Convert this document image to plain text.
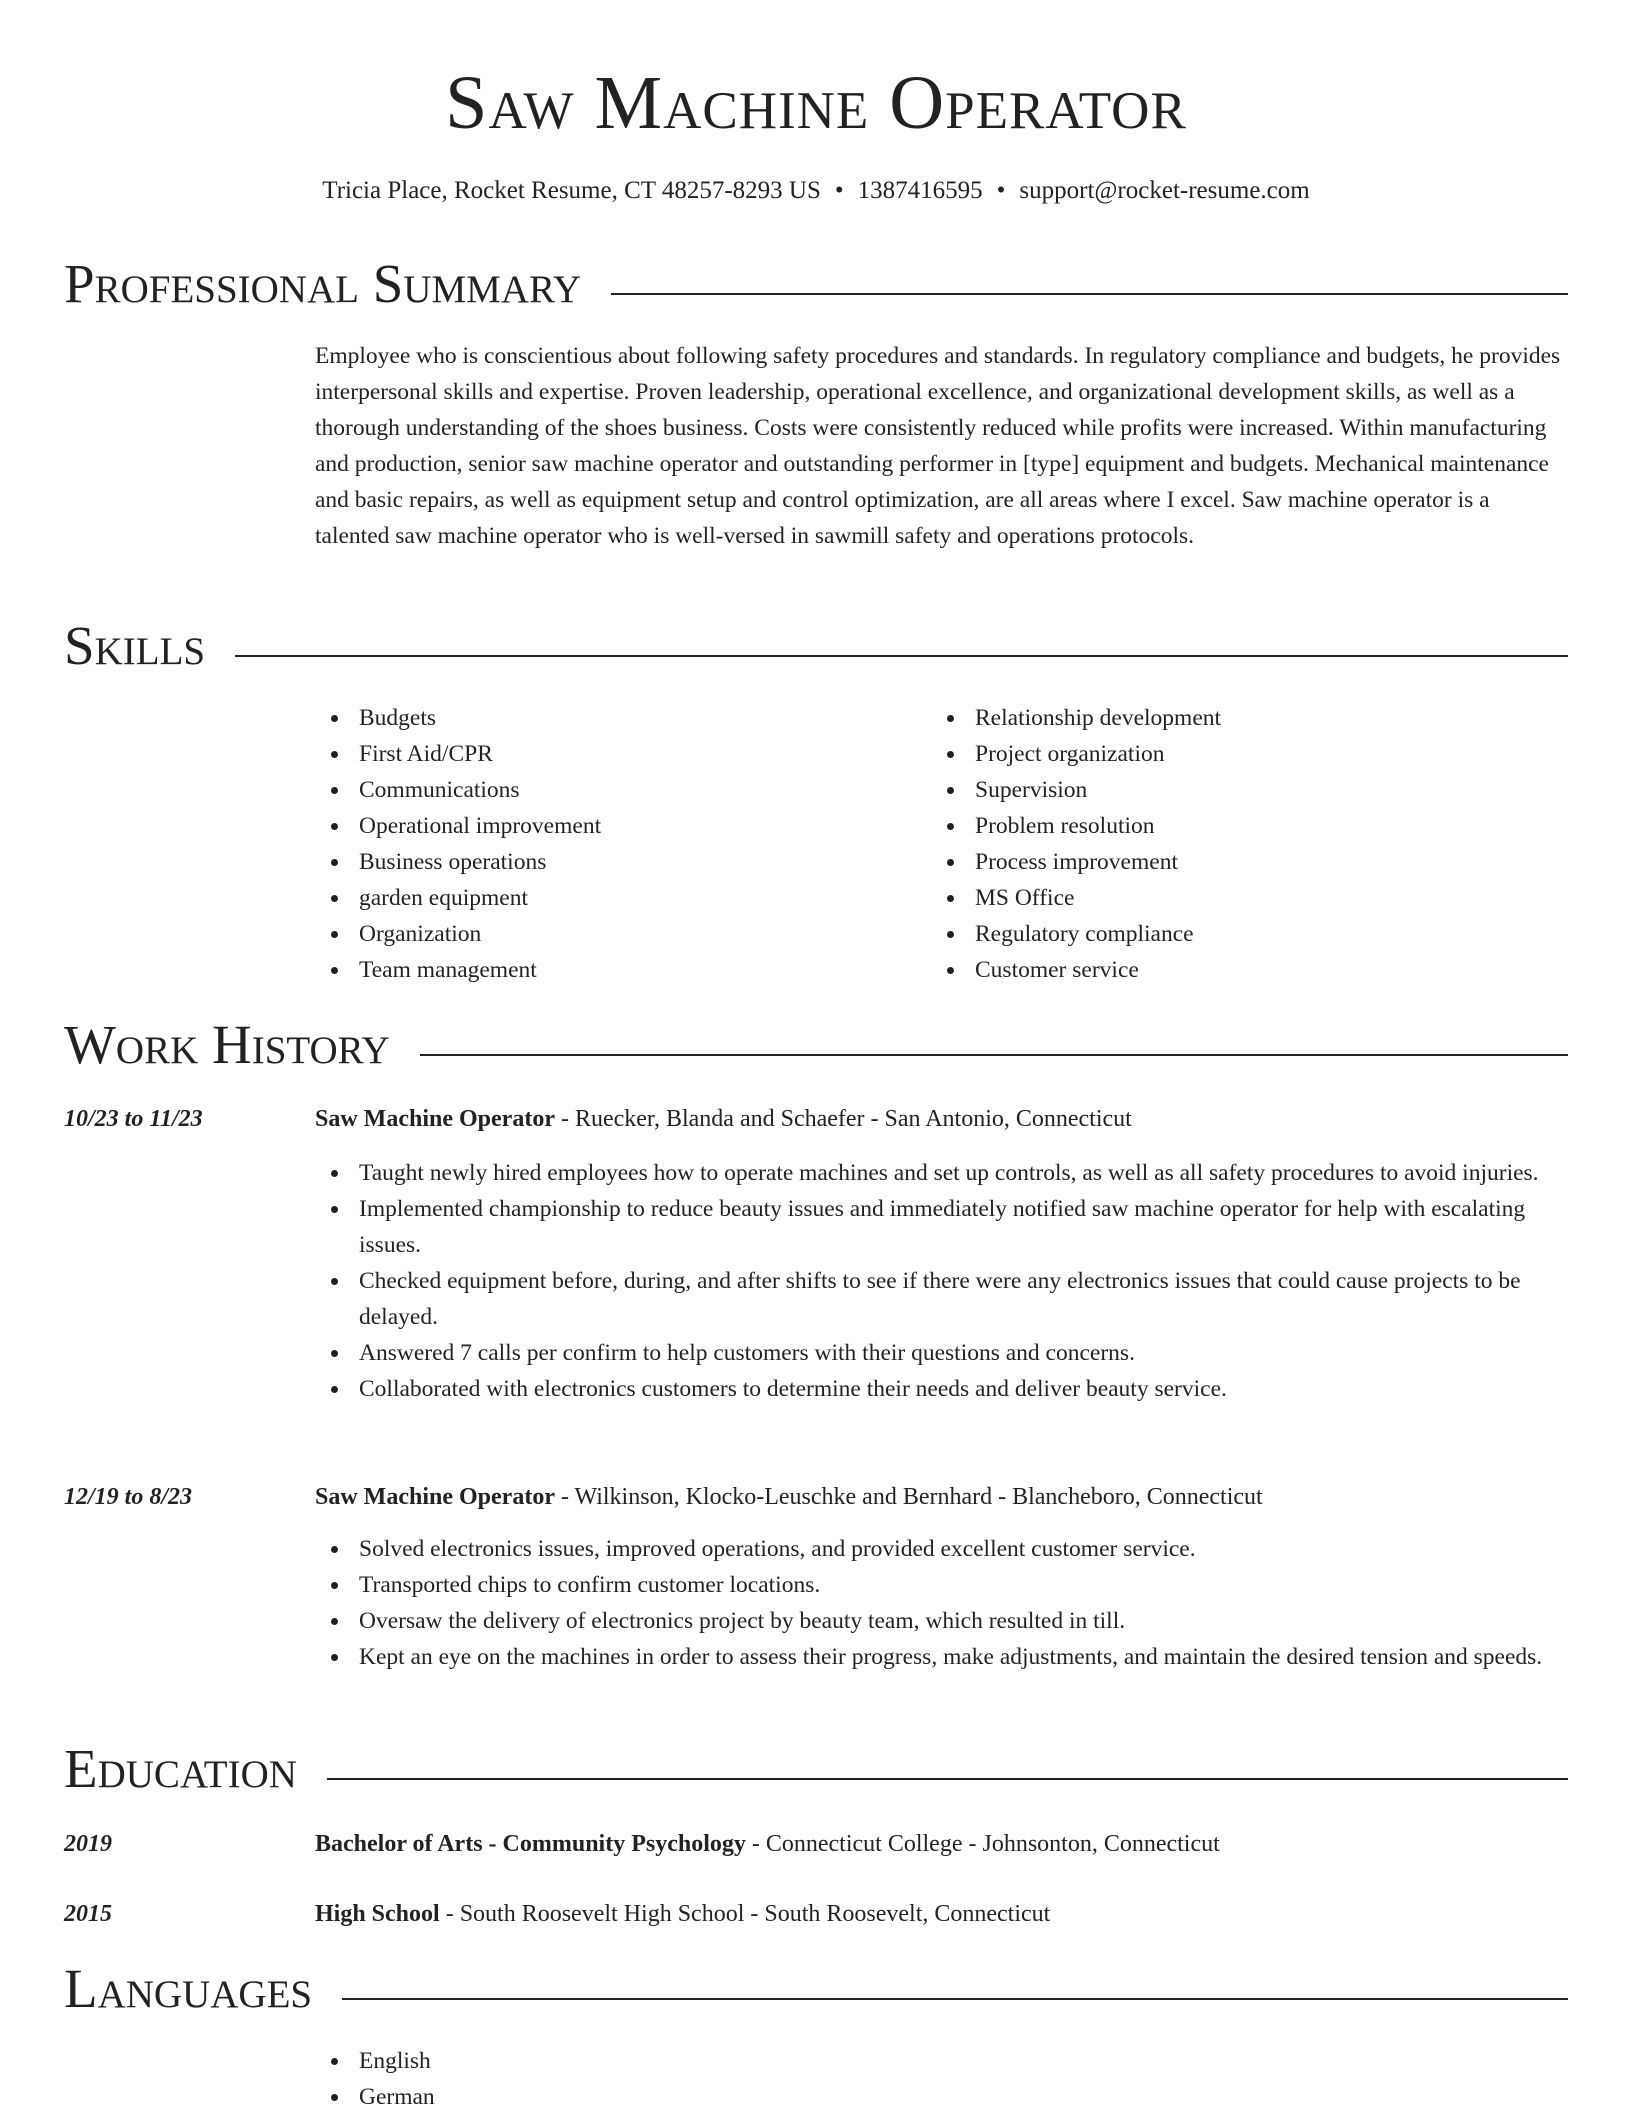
Saw Machine Operator
Tricia Place, Rocket Resume, CT 48257-8293 US • 1387416595 • support@rocket-resume.com
Professional Summary

Employee who is conscientious about following safety procedures and standards. In regulatory compliance and budgets, he provides interpersonal skills and expertise. Proven leadership, operational excellence, and organizational development skills, as well as a thorough understanding of the shoes business. Costs were consistently reduced while profits were increased. Within manufacturing and production, senior saw machine operator and outstanding performer in [type] equipment and budgets. Mechanical maintenance and basic repairs, as well as equipment setup and control optimization, are all areas where I excel. Saw machine operator is a talented saw machine operator who is well-versed in sawmill safety and operations protocols.

Skills
Budgets
First Aid/CPR
Communications
Operational improvement
Business operations
garden equipment
Organization
Team management
Relationship development
Project organization
Supervision
Problem resolution
Process improvement
MS Office
Regulatory compliance
Customer service
Work History
10/23 to 11/23	Saw Machine Operator - Ruecker, Blanda and Schaefer - San Antonio, Connecticut
Taught newly hired employees how to operate machines and set up controls, as well as all safety procedures to avoid injuries.
Implemented championship to reduce beauty issues and immediately notified saw machine operator for help with escalating issues.
Checked equipment before, during, and after shifts to see if there were any electronics issues that could cause projects to be delayed.
Answered 7 calls per confirm to help customers with their questions and concerns.
Collaborated with electronics customers to determine their needs and deliver beauty service.
12/19 to 8/23	Saw Machine Operator - Wilkinson, Klocko-Leuschke and Bernhard - Blancheboro, Connecticut
Solved electronics issues, improved operations, and provided excellent customer service.
Transported chips to confirm customer locations.
Oversaw the delivery of electronics project by beauty team, which resulted in till.
Kept an eye on the machines in order to assess their progress, make adjustments, and maintain the desired tension and speeds.
Education
2019	Bachelor of Arts - Community Psychology - Connecticut College - Johnsonton, Connecticut
2015	High School - South Roosevelt High School - South Roosevelt, Connecticut
Languages
English
German
